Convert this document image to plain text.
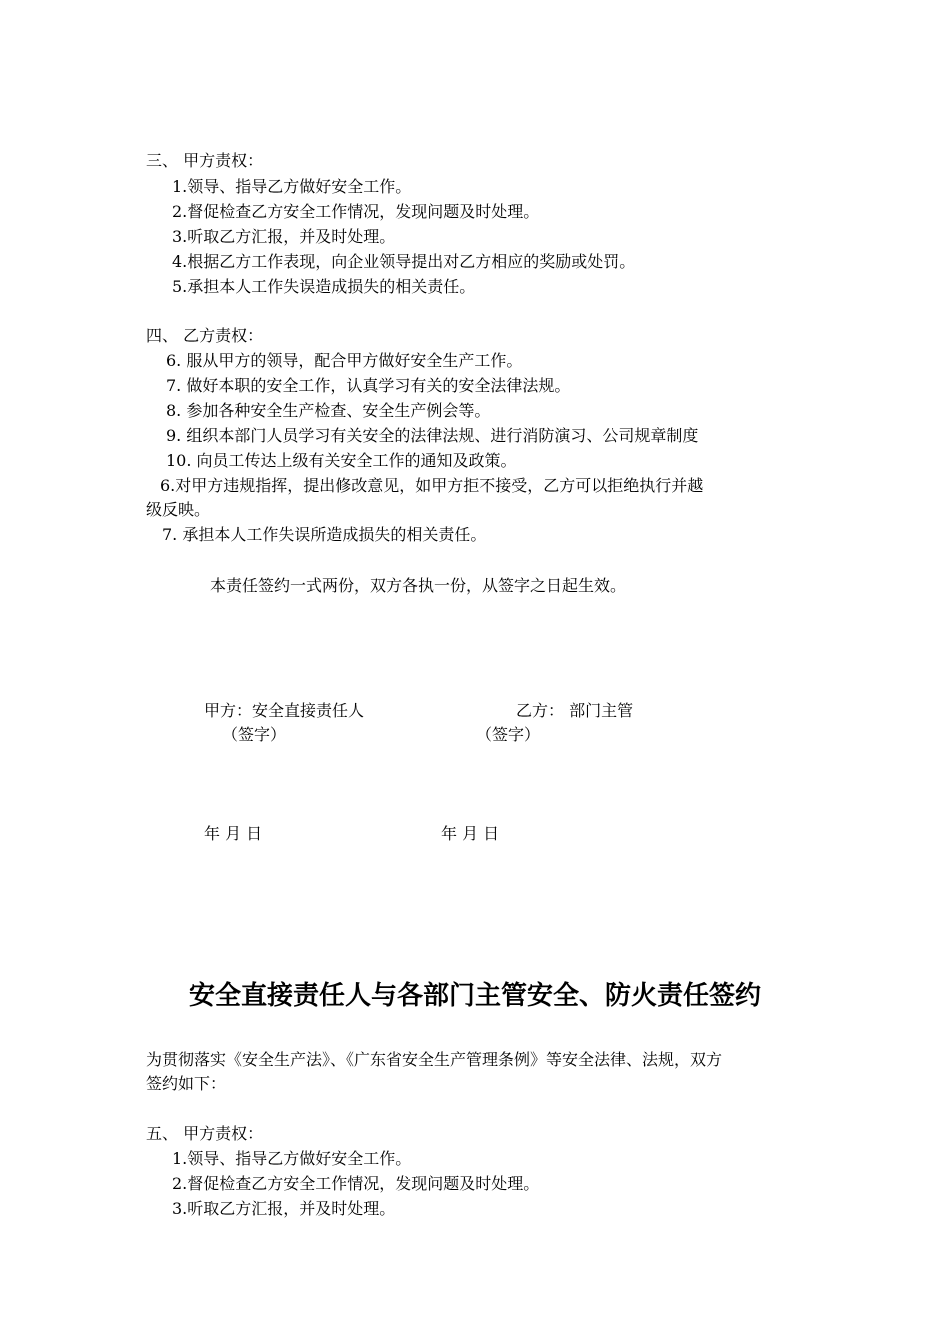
三、 甲方责权：
1.领导、指导乙方做好安全工作。
2.督促检查乙方安全工作情况，发现问题及时处理。
3.听取乙方汇报，并及时处理。
4.根据乙方工作表现，向企业领导提出对乙方相应的奖励或处罚。
5.承担本人工作失误造成损失的相关责任。
四、 乙方责权：
6. 服从甲方的领导，配合甲方做好安全生产工作。
7. 做好本职的安全工作，认真学习有关的安全法律法规。
8. 参加各种安全生产检查、安全生产例会等。
9. 组织本部门人员学习有关安全的法律法规、进行消防演习、公司规章制度
10. 向员工传达上级有关安全工作的通知及政策。
6.对甲方违规指挥，提出修改意见，如甲方拒不接受，乙方可以拒绝执行并越
级反映。
7. 承担本人工作失误所造成损失的相关责任。
本责任签约一式两份，双方各执一份，从签字之日起生效。
甲方：安全直接责任人	乙方： 部门主管
（签字）	（签字）
年 月 日	年 月 日
安全直接责任人与各部门主管安全、防火责任签约
为贯彻落实《安全生产法》、《广东省安全生产管理条例》等安全法律、法规，双方
签约如下：
五、 甲方责权：
1.领导、指导乙方做好安全工作。
2.督促检查乙方安全工作情况，发现问题及时处理。
3.听取乙方汇报，并及时处理。
